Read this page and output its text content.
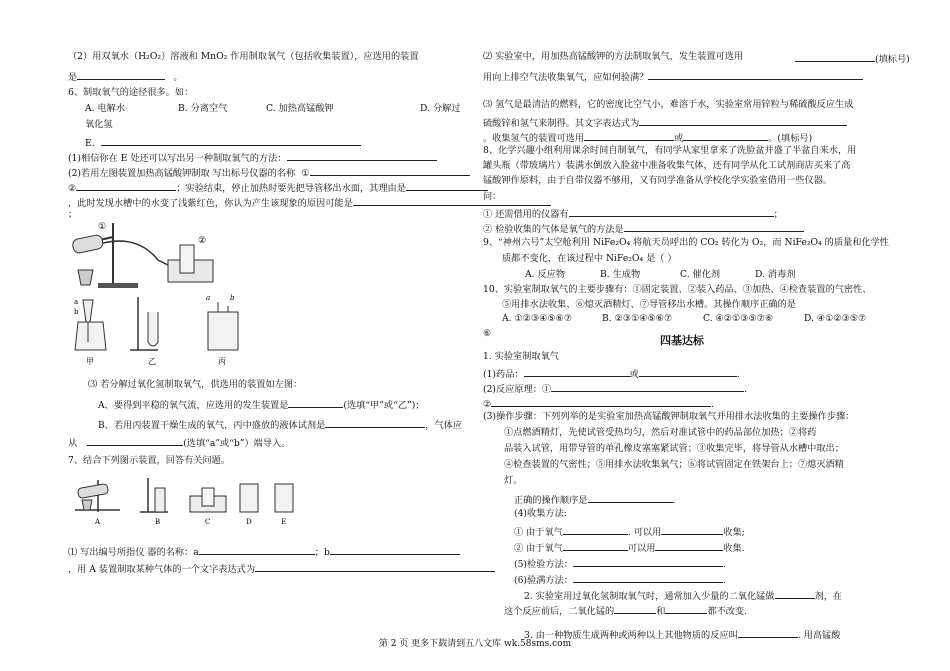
（2）用双氧水（H₂O₂）溶液和 MnO₂ 作用制取氧气（包括收集装置），应选用的装置
是	。
6、制取氧气的途径很多。如：
A. 电解水	B. 分离空气	C. 加热高锰酸钾	D. 分解过
氧化氢
E.
(1)相信你在 E 处还可以写出另一种制取氧气的方法：
(2)若用左图装置加热高锰酸钾制取 写出标号仪器的名称 ①
②	；实验结束，停止加热时要先把导管移出水面，其理由是
，此时发现水槽中的水变了浅紫红色，你认为产生该现象的原因可能是
；
①
②
a
b
a	b
甲	乙	丙
⑶ 若分解过氧化氢制取氧气，供选用的装置如左图：
A、要得到平稳的氧气流，应选用的发生装置是	(选填“甲”或“乙”)；
B、若用丙装置干燥生成的氧气，丙中盛放的液体试剂是	，气体应
从	(选填“a”或“b”）端导入。
7、结合下列图示装置，回答有关问题。
A	B	C	D	E
⑴ 写出编号所指仪 器的名称：a	；b
，用 A 装置制取某种气体的一个文字表达式为
⑵ 实验室中，用加热高锰酸钾的方法制取氧气，发生装置可选用	(填标号)
用向上排空气法收集氧气，应如何验满？
⑶ 氢气是最清洁的燃料，它的密度比空气小，难溶于水，实验室常用锌粒与稀硫酸反应生成
硫酸锌和氢气来制得。其文字表达式为
。收集氢气的装置可选用	或	。(填标号)
8、化学兴趣小组利用课余时间自制氧气，有同学从家里拿来了洗脸盆并盛了半盆自来水，用
罐头瓶（带玻璃片）装满水倒放入脸盆中准备收集气体，还有同学从化工试剂商店买来了高
锰酸钾作原料，由于自带仪器不够用，又有同学准备从学校化学实验室借用一些仪器。
问：
① 还需借用的仪器有	；
② 检验收集的气体是氧气的方法是
9、“神州六号”太空舱利用 NiFe₂O₄ 将航天员呼出的 CO₂ 转化为 O₂，而 NiFe₂O₄ 的质量和化学性
质都不变化，在该过程中 NiFe₂O₄ 是（ ）
A. 反应物	B. 生成物	C. 催化剂	D. 消毒剂
10、实验室制取氧气的主要步骤有：①固定装置、②装入药品、③加热、④检查装置的气密性、
⑤用排水法收集、⑥熄灭酒精灯、⑦导管移出水槽。其操作顺序正确的是
A. ①②③④⑤⑥⑦	B. ②③①④⑤⑥⑦	C. ④②①③⑤⑦⑥	D. ④①②③⑤⑦
⑥
四基达标
1. 实验室制取氧气
(1)药品：	或	.
(2)反应原理：①	.
②	.
(3)操作步骤：下列列举的是实验室加热高锰酸钾制取氧气并用排水法收集的主要操作步骤：
①点燃酒精灯，先使试管受热均匀，然后对准试管中的药品部位加热；②将药
品装入试管，用带导管的单孔橡皮塞塞紧试管；③收集完毕，将导管从水槽中取出；
④检查装置的气密性；⑤用排水法收集氧气；⑥将试管固定在铁架台上；⑦熄灭酒精
灯。
正确的操作顺序是	.
(4)收集方法:
① 由于氧气	. 可以用	收集;
② 由于氧气	可以用	收集.
(5)检验方法：	.
(6)验满方法：	.
2. 实验室用过氧化氢制取氧气时，通常加入少量的二氧化锰做	剂，在
这个反应前后，二氧化锰的	和	都不改变.
3. 由一种物质生成两种或两种以上其他物质的反应叫	. 用高锰酸
第 2 页 更多下载请到五八文库 wk.58sms.com
